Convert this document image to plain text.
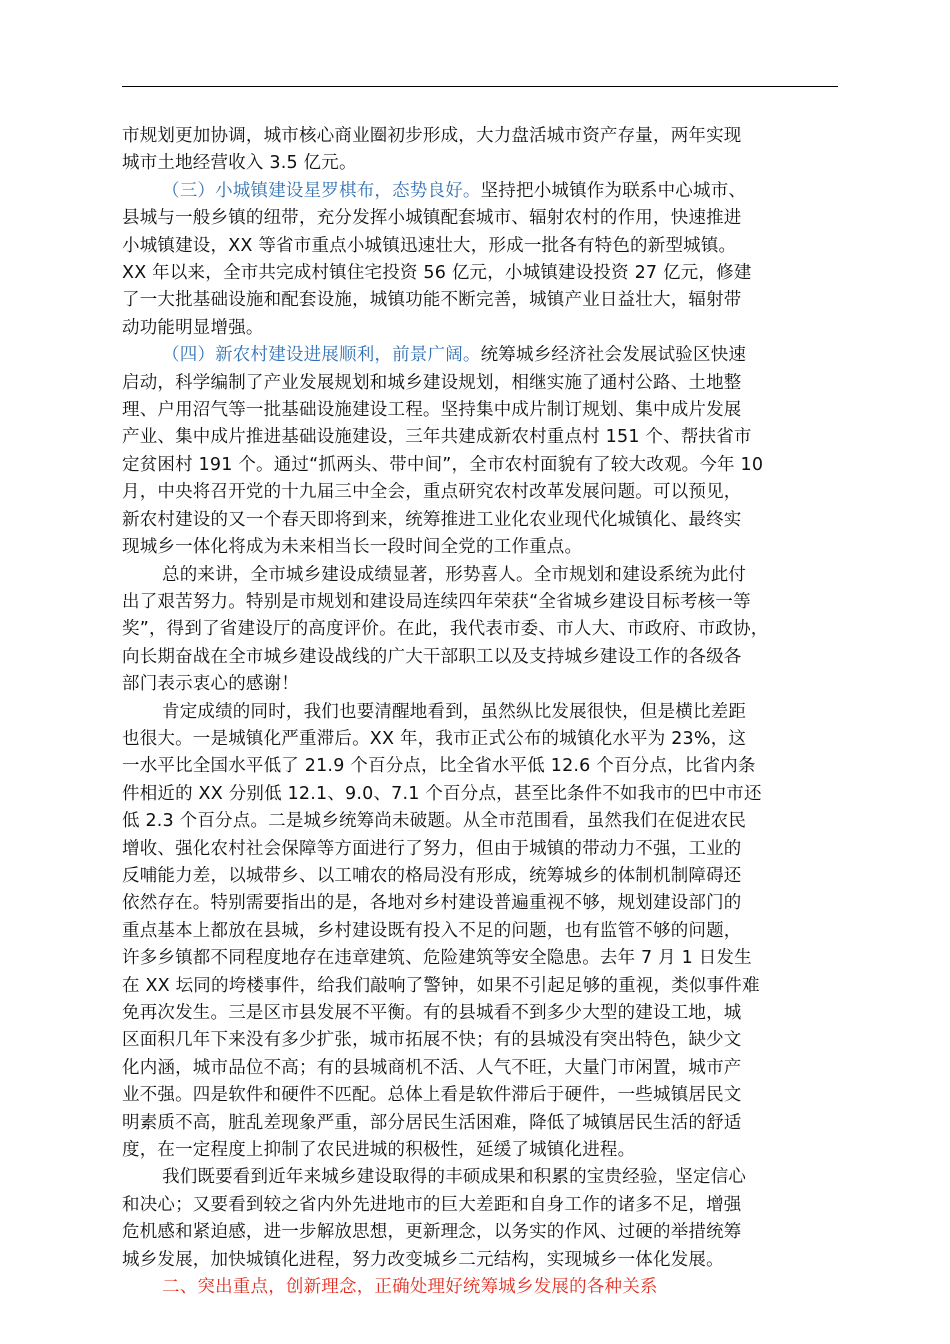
市规划更加协调，城市核心商业圈初步形成，大力盘活城市资产存量，两年实现
城市土地经营收入 3.5 亿元。

（三）小城镇建设星罗棋布，态势良好。坚持把小城镇作为联系中心城市、
县城与一般乡镇的纽带，充分发挥小城镇配套城市、辐射农村的作用，快速推进
小城镇建设，XX 等省市重点小城镇迅速壮大，形成一批各有特色的新型城镇。
XX 年以来，全市共完成村镇住宅投资 56 亿元，小城镇建设投资 27 亿元，修建
了一大批基础设施和配套设施，城镇功能不断完善，城镇产业日益壮大，辐射带
动功能明显增强。

（四）新农村建设进展顺利，前景广阔。统筹城乡经济社会发展试验区快速
启动，科学编制了产业发展规划和城乡建设规划，相继实施了通村公路、土地整
理、户用沼气等一批基础设施建设工程。坚持集中成片制订规划、集中成片发展
产业、集中成片推进基础设施建设，三年共建成新农村重点村 151 个、帮扶省市
定贫困村 191 个。通过“抓两头、带中间”，全市农村面貌有了较大改观。今年 10
月，中央将召开党的十九届三中全会，重点研究农村改革发展问题。可以预见，
新农村建设的又一个春天即将到来，统筹推进工业化农业现代化城镇化、最终实
现城乡一体化将成为未来相当长一段时间全党的工作重点。

总的来讲，全市城乡建设成绩显著，形势喜人。全市规划和建设系统为此付
出了艰苦努力。特别是市规划和建设局连续四年荣获“全省城乡建设目标考核一等
奖”，得到了省建设厅的高度评价。在此，我代表市委、市人大、市政府、市政协，
向长期奋战在全市城乡建设战线的广大干部职工以及支持城乡建设工作的各级各
部门表示衷心的感谢！

肯定成绩的同时，我们也要清醒地看到，虽然纵比发展很快，但是横比差距
也很大。一是城镇化严重滞后。XX 年，我市正式公布的城镇化水平为 23%，这
一水平比全国水平低了 21.9 个百分点，比全省水平低 12.6 个百分点，比省内条
件相近的 XX 分别低 12.1、9.0、7.1 个百分点，甚至比条件不如我市的巴中市还
低 2.3 个百分点。二是城乡统筹尚未破题。从全市范围看，虽然我们在促进农民
增收、强化农村社会保障等方面进行了努力，但由于城镇的带动力不强，工业的
反哺能力差，以城带乡、以工哺农的格局没有形成，统筹城乡的体制机制障碍还
依然存在。特别需要指出的是，各地对乡村建设普遍重视不够，规划建设部门的
重点基本上都放在县城，乡村建设既有投入不足的问题，也有监管不够的问题，
许多乡镇都不同程度地存在违章建筑、危险建筑等安全隐患。去年 7 月 1 日发生
在 XX 坛同的垮楼事件，给我们敲响了警钟，如果不引起足够的重视，类似事件难
免再次发生。三是区市县发展不平衡。有的县城看不到多少大型的建设工地，城
区面积几年下来没有多少扩张，城市拓展不快；有的县城没有突出特色，缺少文
化内涵，城市品位不高；有的县城商机不活、人气不旺，大量门市闲置，城市产
业不强。四是软件和硬件不匹配。总体上看是软件滞后于硬件，一些城镇居民文
明素质不高，脏乱差现象严重，部分居民生活困难，降低了城镇居民生活的舒适
度，在一定程度上抑制了农民进城的积极性，延缓了城镇化进程。

我们既要看到近年来城乡建设取得的丰硕成果和积累的宝贵经验，坚定信心
和决心；又要看到较之省内外先进地市的巨大差距和自身工作的诸多不足，增强
危机感和紧迫感，进一步解放思想，更新理念，以务实的作风、过硬的举措统筹
城乡发展，加快城镇化进程，努力改变城乡二元结构，实现城乡一体化发展。

二、突出重点，创新理念，正确处理好统筹城乡发展的各种关系
